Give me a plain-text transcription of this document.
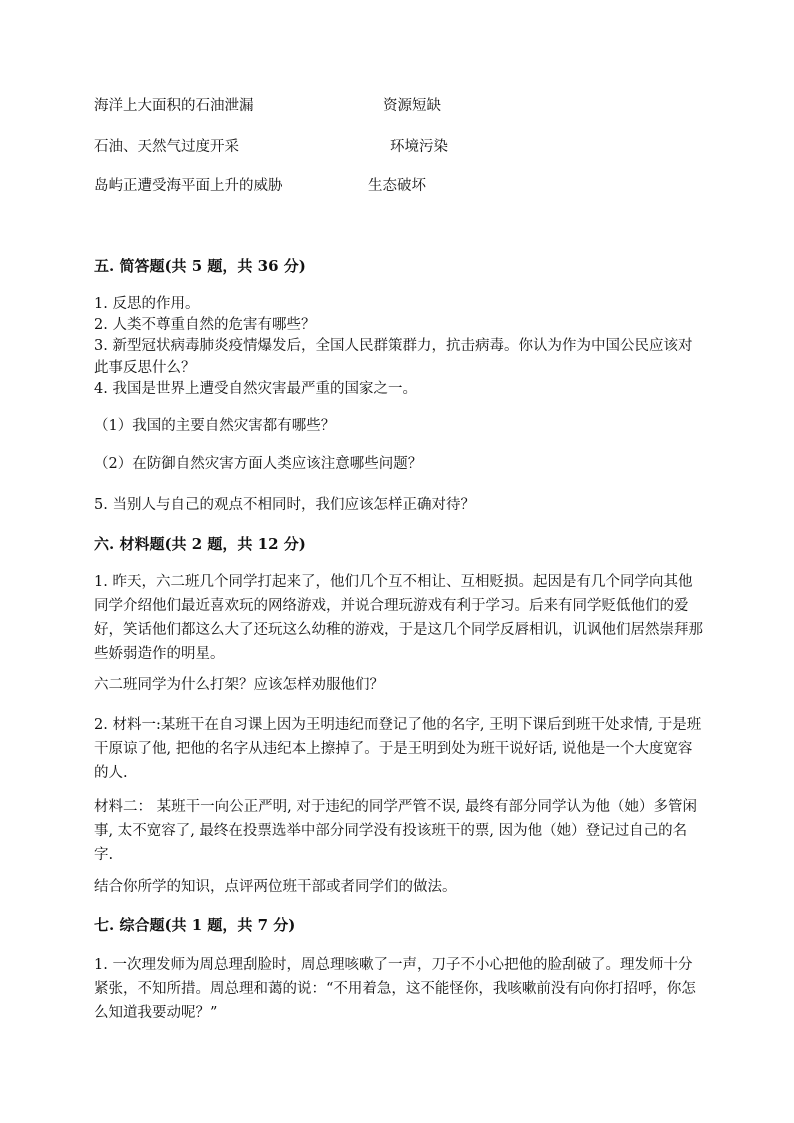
海洋上大面积的石油泄漏	资源短缺
石油、天然气过度开采	环境污染
岛屿正遭受海平面上升的威胁	生态破坏
五. 简答题(共 5 题，共 36 分)
1. 反思的作用。
2. 人类不尊重自然的危害有哪些？
3. 新型冠状病毒肺炎疫情爆发后，全国人民群策群力，抗击病毒。你认为作为中国公民应该对此事反思什么？
4. 我国是世界上遭受自然灾害最严重的国家之一。
（1）我国的主要自然灾害都有哪些？
（2）在防御自然灾害方面人类应该注意哪些问题？
5. 当别人与自己的观点不相同时，我们应该怎样正确对待？
六. 材料题(共 2 题，共 12 分)
1. 昨天，六二班几个同学打起来了，他们几个互不相让、互相贬损。起因是有几个同学向其他同学介绍他们最近喜欢玩的网络游戏，并说合理玩游戏有利于学习。后来有同学贬低他们的爱好，笑话他们都这么大了还玩这么幼稚的游戏，于是这几个同学反唇相讥，讥讽他们居然崇拜那些娇弱造作的明星。
六二班同学为什么打架？应该怎样劝服他们？
2. 材料一:某班干在自习课上因为王明违纪而登记了他的名字, 王明下课后到班干处求情, 于是班干原谅了他, 把他的名字从违纪本上擦掉了。于是王明到处为班干说好话, 说他是一个大度宽容的人.
材料二： 某班干一向公正严明, 对于违纪的同学严管不误, 最终有部分同学认为他（她）多管闲事, 太不宽容了, 最终在投票选举中部分同学没有投该班干的票, 因为他（她）登记过自己的名字.
结合你所学的知识，点评两位班干部或者同学们的做法。
七. 综合题(共 1 题，共 7 分)
1. 一次理发师为周总理刮脸时，周总理咳嗽了一声，刀子不小心把他的脸刮破了。理发师十分紧张，不知所措。周总理和蔼的说：“不用着急，这不能怪你，我咳嗽前没有向你打招呼，你怎么知道我要动呢？”
